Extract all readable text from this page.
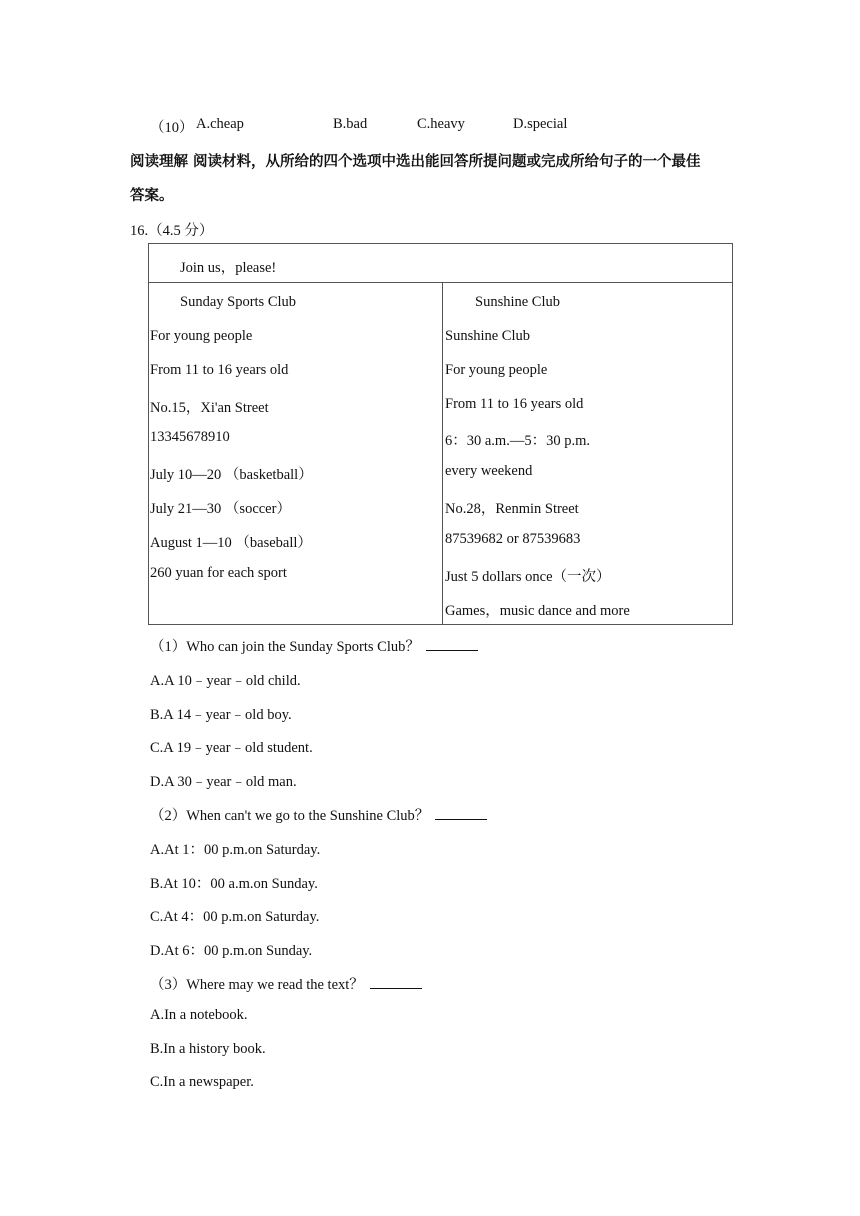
（10） A.cheap	B.bad	C.heavy	D.special
阅读理解 阅读材料，从所给的四个选项中选出能回答所提问题或完成所给句子的一个最佳
答案。
16.（4.5 分）
Join us，please!
Sunday Sports Club
For young people
From 11 to 16 years old
No.15，Xi'an Street
13345678910
July 10—20 （basketball）
July 21—30 （soccer）
August 1—10 （baseball）
260 yuan for each sport
Sunshine Club
Sunshine Club
For young people
From 11 to 16 years old
6：30 a.m.—5：30 p.m.
every weekend
No.28，Renmin Street
87539682 or 87539683
Just 5 dollars once（一次）
Games，music dance and more
（1）Who can join the Sunday Sports Club？
A.A 10﹣year﹣old child.
B.A 14﹣year﹣old boy.
C.A 19﹣year﹣old student.
D.A 30﹣year﹣old man.
（2）When can't we go to the Sunshine Club？
A.At 1：00 p.m.on Saturday.
B.At 10：00 a.m.on Sunday.
C.At 4：00 p.m.on Saturday.
D.At 6：00 p.m.on Sunday.
（3）Where may we read the text？
A.In a notebook.
B.In a history book.
C.In a newspaper.
